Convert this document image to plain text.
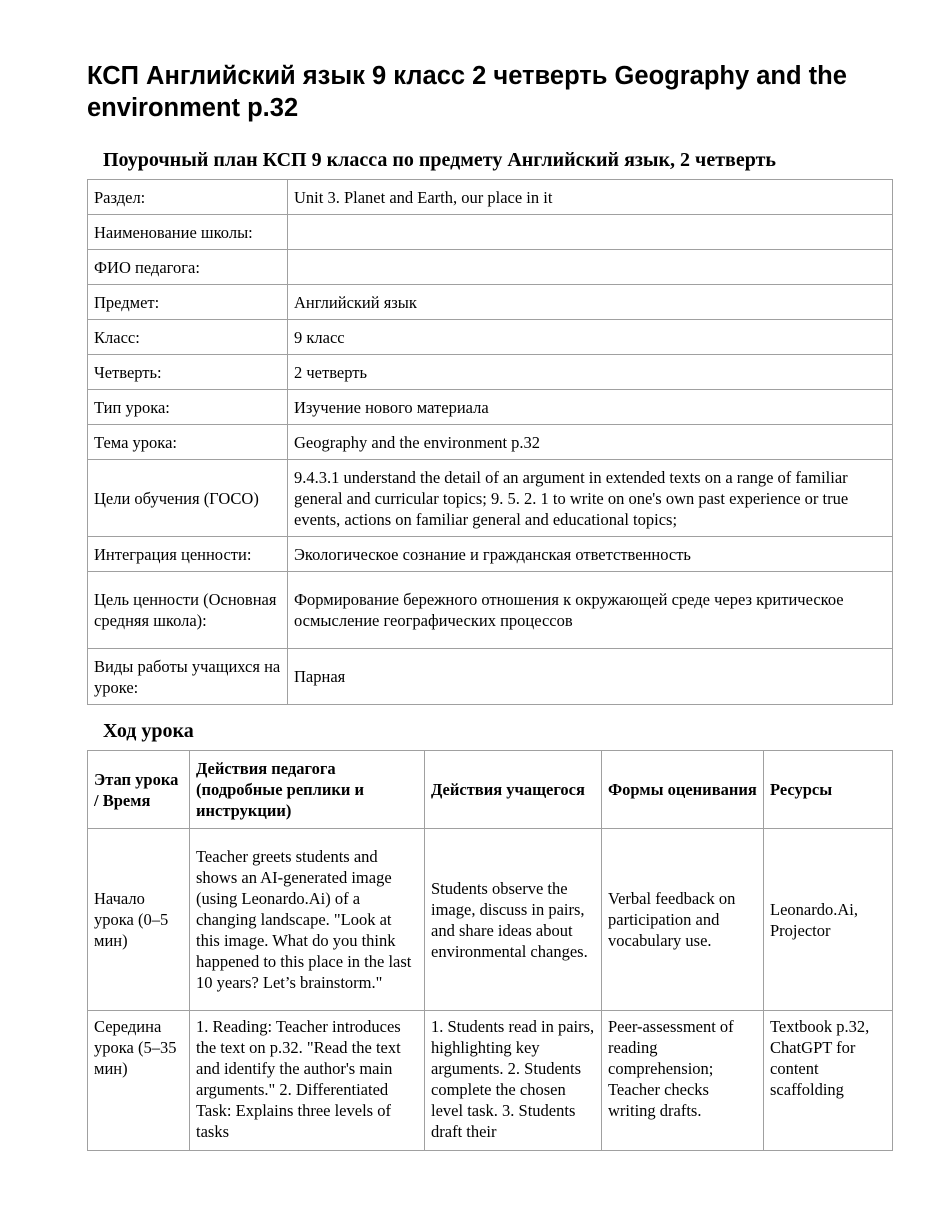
КСП Английский язык 9 класс 2 четверть Geography and the environment p.32

Поурочный план КСП 9 класса по предмету Английский язык, 2 четверть

Раздел:	Unit 3. Planet and Earth, our place in it
Наименование школы:	
ФИО педагога:	
Предмет:	Английский язык
Класс:	9 класс
Четверть:	2 четверть
Тип урока:	Изучение нового материала
Тема урока:	Geography and the environment p.32
Цели обучения (ГОСО)	9.4.3.1 understand the detail of an argument in extended texts on a range of familiar general and curricular topics; 9. 5. 2. 1 to write on one's own past experience or true events, actions on familiar general and educational topics;
Интеграция ценности:	Экологическое сознание и гражданская ответственность
Цель ценности (Основная средняя школа):	Формирование бережного отношения к окружающей среде через критическое осмысление географических процессов
Виды работы учащихся на уроке:	Парная

Ход урока

Этап урока / Время	Действия педагога (подробные реплики и инструкции)	Действия учащегося	Формы оценивания	Ресурсы
Начало урока (0–5 мин)	Teacher greets students and shows an AI-generated image (using Leonardo.Ai) of a changing landscape. "Look at this image. What do you think happened to this place in the last 10 years? Let’s brainstorm."	Students observe the image, discuss in pairs, and share ideas about environmental changes.	Verbal feedback on participation and vocabulary use.	Leonardo.Ai, Projector
Середина урока (5–35 мин)	1. Reading: Teacher introduces the text on p.32. "Read the text and identify the author's main arguments." 2. Differentiated Task: Explains three levels of tasks	1. Students read in pairs, highlighting key arguments. 2. Students complete the chosen level task. 3. Students draft their	Peer-assessment of reading comprehension; Teacher checks writing drafts.	Textbook p.32, ChatGPT for content scaffolding
